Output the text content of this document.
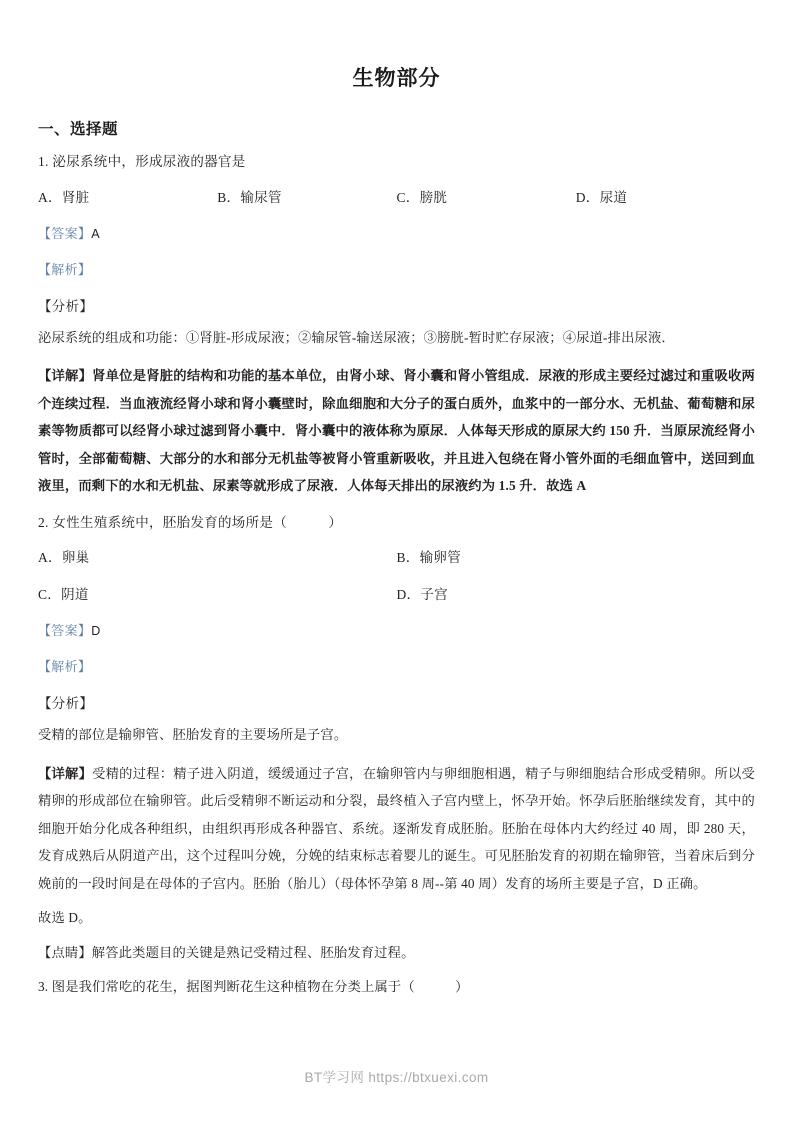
生物部分
一、选择题
1. 泌尿系统中，形成尿液的器官是
A．肾脏	B．输尿管	C．膀胱	D．尿道
【答案】A
【解析】
【分析】

泌尿系统的组成和功能：①肾脏-形成尿液；②输尿管-输送尿液；③膀胱-暂时贮存尿液；④尿道-排出尿液．

【详解】肾单位是肾脏的结构和功能的基本单位，由肾小球、肾小囊和肾小管组成．尿液的形成主要经过滤过和重吸收两个连续过程．当血液流经肾小球和肾小囊壁时，除血细胞和大分子的蛋白质外，血浆中的一部分水、无机盐、葡萄糖和尿素等物质都可以经肾小球过滤到肾小囊中．肾小囊中的液体称为原尿．人体每天形成的原尿大约 150 升．当原尿流经肾小管时，全部葡萄糖、大部分的水和部分无机盐等被肾小管重新吸收，并且进入包绕在肾小管外面的毛细血管中，送回到血液里，而剩下的水和无机盐、尿素等就形成了尿液．人体每天排出的尿液约为 1.5 升．故选 A

2. 女性生殖系统中，胚胎发育的场所是（　　　）
A．卵巢	B．输卵管
C．阴道	D．子宫
【答案】D
【解析】
【分析】

受精的部位是输卵管、胚胎发育的主要场所是子宫。

【详解】受精的过程：精子进入阴道，缓缓通过子宫，在输卵管内与卵细胞相遇，精子与卵细胞结合形成受精卵。所以受精卵的形成部位在输卵管。此后受精卵不断运动和分裂，最终植入子宫内壁上，怀孕开始。怀孕后胚胎继续发育，其中的细胞开始分化成各种组织，由组织再形成各种器官、系统。逐渐发育成胚胎。胚胎在母体内大约经过 40 周，即 280 天，发育成熟后从阴道产出，这个过程叫分娩，分娩的结束标志着婴儿的诞生。可见胚胎发育的初期在输卵管，当着床后到分娩前的一段时间是在母体的子宫内。胚胎（胎儿）（母体怀孕第 8 周--第 40 周）发育的场所主要是子宫，D 正确。

故选 D。
【点睛】解答此类题目的关键是熟记受精过程、胚胎发育过程。
3. 图是我们常吃的花生，据图判断花生这种植物在分类上属于（　　　）
BT学习网 https://btxuexi.com
